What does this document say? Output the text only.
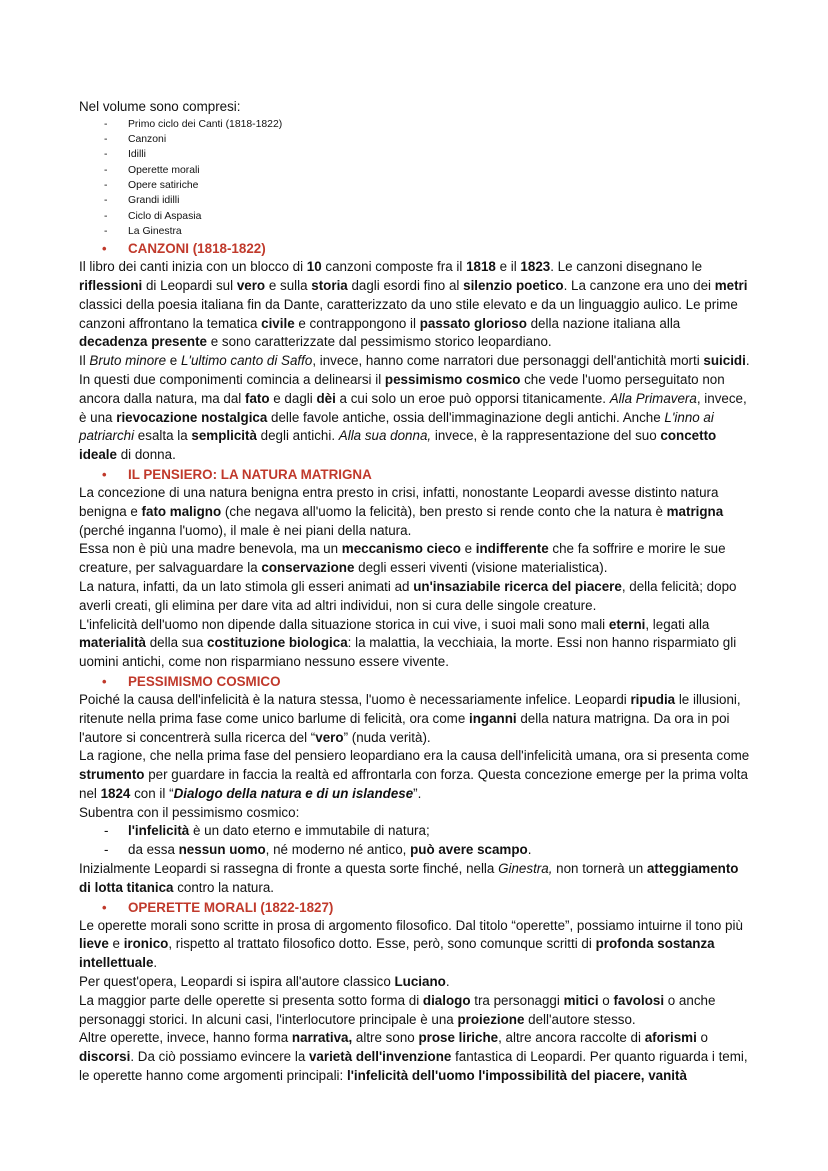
Nel volume sono compresi:

- Primo ciclo dei Canti (1818-1822)
- Canzoni
- Idilli
- Operette morali
- Opere satiriche
- Grandi idilli
- Ciclo di Aspasia
- La Ginestra
• CANZONI (1818-1822)

Il libro dei canti inizia con un blocco di 10 canzoni composte fra il 1818 e il 1823. Le canzoni disegnano le riflessioni di Leopardi sul vero e sulla storia dagli esordi fino al silenzio poetico. La canzone era uno dei metri classici della poesia italiana fin da Dante, caratterizzato da uno stile elevato e da un linguaggio aulico. Le prime canzoni affrontano la tematica civile e contrappongono il passato glorioso della nazione italiana alla decadenza presente e sono caratterizzate dal pessimismo storico leopardiano.

Il Bruto minore e L'ultimo canto di Saffo, invece, hanno come narratori due personaggi dell'antichità morti suicidi. In questi due componimenti comincia a delinearsi il pessimismo cosmico che vede l'uomo perseguitato non ancora dalla natura, ma dal fato e dagli dèi a cui solo un eroe può opporsi titanicamente. Alla Primavera, invece, è una rievocazione nostalgica delle favole antiche, ossia dell'immaginazione degli antichi. Anche L'inno ai patriarchi esalta la semplicità degli antichi. Alla sua donna, invece, è la rappresentazione del suo concetto ideale di donna.

• IL PENSIERO: LA NATURA MATRIGNA

La concezione di una natura benigna entra presto in crisi, infatti, nonostante Leopardi avesse distinto natura benigna e fato maligno (che negava all'uomo la felicità), ben presto si rende conto che la natura è matrigna (perché inganna l'uomo), il male è nei piani della natura.

Essa non è più una madre benevola, ma un meccanismo cieco e indifferente che fa soffrire e morire le sue creature, per salvaguardare la conservazione degli esseri viventi (visione materialistica).

La natura, infatti, da un lato stimola gli esseri animati ad un'insaziabile ricerca del piacere, della felicità; dopo averli creati, gli elimina per dare vita ad altri individui, non si cura delle singole creature.

L'infelicità dell'uomo non dipende dalla situazione storica in cui vive, i suoi mali sono mali eterni, legati alla materialità della sua costituzione biologica: la malattia, la vecchiaia, la morte. Essi non hanno risparmiato gli uomini antichi, come non risparmiano nessuno essere vivente.

• PESSIMISMO COSMICO

Poiché la causa dell'infelicità è la natura stessa, l'uomo è necessariamente infelice. Leopardi ripudia le illusioni, ritenute nella prima fase come unico barlume di felicità, ora come inganni della natura matrigna. Da ora in poi l'autore si concentrerà sulla ricerca del “vero” (nuda verità).

La ragione, che nella prima fase del pensiero leopardiano era la causa dell'infelicità umana, ora si presenta come strumento per guardare in faccia la realtà ed affrontarla con forza. Questa concezione emerge per la prima volta nel 1824 con il “Dialogo della natura e di un islandese”.

Subentra con il pessimismo cosmico:

- l'infelicità è un dato eterno e immutabile di natura;
- da essa nessun uomo, né moderno né antico, può avere scampo.

Inizialmente Leopardi si rassegna di fronte a questa sorte finché, nella Ginestra, non tornerà un atteggiamento di lotta titanica contro la natura.

• OPERETTE MORALI (1822-1827)

Le operette morali sono scritte in prosa di argomento filosofico. Dal titolo “operette”, possiamo intuirne il tono più lieve e ironico, rispetto al trattato filosofico dotto. Esse, però, sono comunque scritti di profonda sostanza intellettuale.

Per quest'opera, Leopardi si ispira all'autore classico Luciano.

La maggior parte delle operette si presenta sotto forma di dialogo tra personaggi mitici o favolosi o anche personaggi storici. In alcuni casi, l'interlocutore principale è una proiezione dell'autore stesso.

Altre operette, invece, hanno forma narrativa, altre sono prose liriche, altre ancora raccolte di aforismi o discorsi. Da ciò possiamo evincere la varietà dell'invenzione fantastica di Leopardi. Per quanto riguarda i temi, le operette hanno come argomenti principali: l'infelicità dell'uomo l'impossibilità del piacere, vanità
